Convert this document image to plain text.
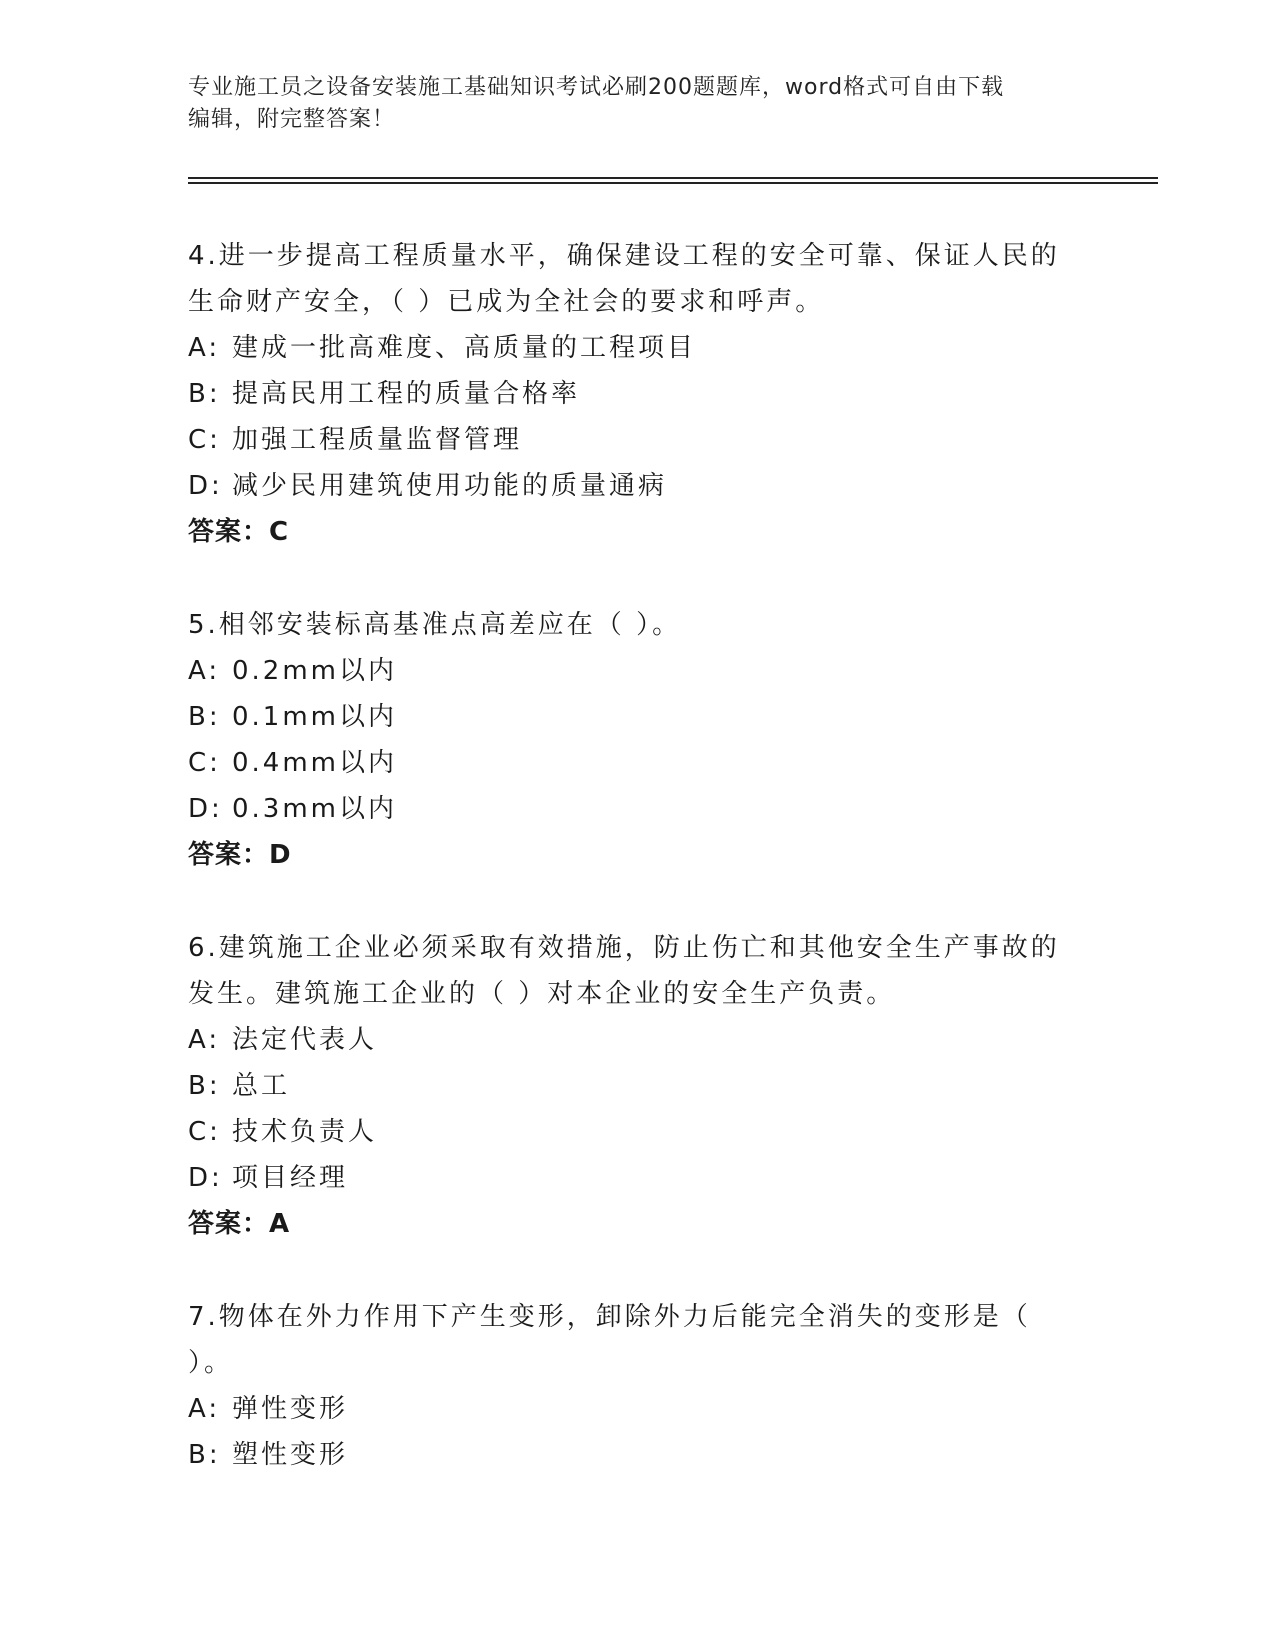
专业施工员之设备安装施工基础知识考试必刷200题题库，word格式可自由下载
编辑，附完整答案！
4.进一步提高工程质量水平，确保建设工程的安全可靠、保证人民的生命财产安全，（ ）已成为全社会的要求和呼声。
A: 建成一批高难度、高质量的工程项目
B: 提高民用工程的质量合格率
C: 加强工程质量监督管理
D: 减少民用建筑使用功能的质量通病
答案：C
5.相邻安装标高基准点高差应在（ ）。
A: 0.2mm以内
B: 0.1mm以内
C: 0.4mm以内
D: 0.3mm以内
答案：D
6.建筑施工企业必须采取有效措施，防止伤亡和其他安全生产事故的发生。建筑施工企业的（ ）对本企业的安全生产负责。
A: 法定代表人
B: 总工
C: 技术负责人
D: 项目经理
答案：A
7.物体在外力作用下产生变形，卸除外力后能完全消失的变形是（ ）。
A: 弹性变形
B: 塑性变形
